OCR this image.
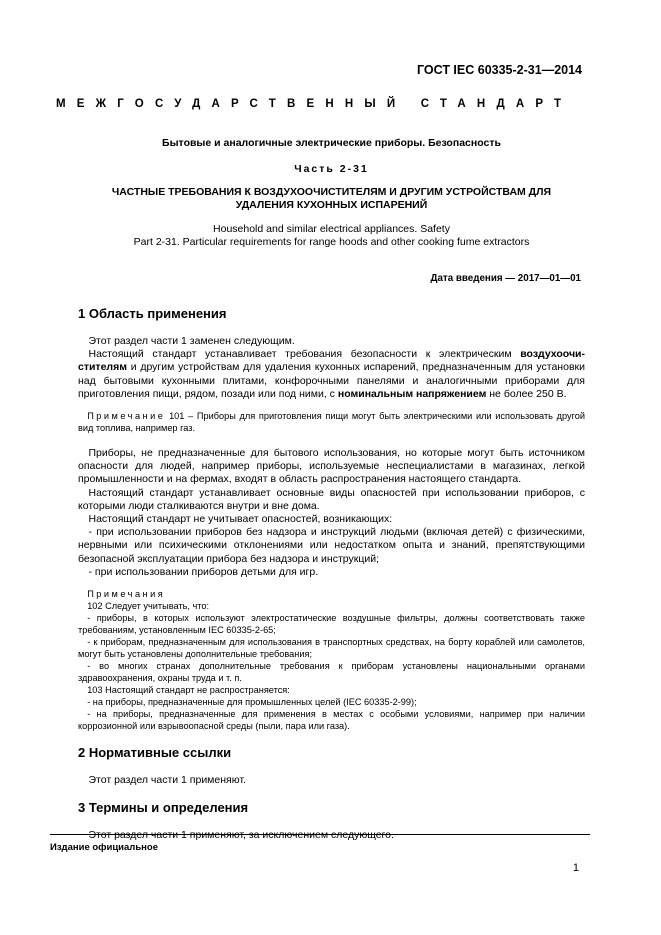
ГОСТ IEC 60335-2-31—2014
МЕЖГОСУДАРСТВЕННЫЙ СТАНДАРТ
Бытовые и аналогичные электрические приборы. Безопасность
Часть 2-31
ЧАСТНЫЕ ТРЕБОВАНИЯ К ВОЗДУХООЧИСТИТЕЛЯМ И ДРУГИМ УСТРОЙСТВАМ ДЛЯ
УДАЛЕНИЯ КУХОННЫХ ИСПАРЕНИЙ
Household and similar electrical appliances. Safety
Part 2-31. Particular requirements for range hoods and other cooking fume extractors
Дата введения — 2017—01—01
1 Область применения

Этот раздел части 1 заменен следующим.

Настоящий стандарт устанавливает требования безопасности к электрическим воздухоочи-стителям и другим устройствам для удаления кухонных испарений, предназначенным для установки над бытовыми кухонными плитами, конфорочными панелями и аналогичными приборами для приготовления пищи, рядом, позади или под ними, с номинальным напряжением не более 250 В.

Примечание 101 – Приборы для приготовления пищи могут быть электрическими или использовать другой вид топлива, например газ.

Приборы, не предназначенные для бытового использования, но которые могут быть источником опасности для людей, например приборы, используемые неспециалистами в магазинах, легкой промышленности и на фермах, входят в область распространения настоящего стандарта.

Настоящий стандарт устанавливает основные виды опасностей при использовании приборов, с которыми люди сталкиваются внутри и вне дома.

Настоящий стандарт не учитывает опасностей, возникающих:

- при использовании приборов без надзора и инструкций людьми (включая детей) с физическими, нервными или психическими отклонениями или недостатком опыта и знаний, препятствующими безопасной эксплуатации прибора без надзора и инструкций;

- при использовании приборов детьми для игр.

Примечания

102 Следует учитывать, что:

- приборы, в которых используют электростатические воздушные фильтры, должны соответствовать также требованиям, установленным IEC 60335-2-65;

- к приборам, предназначенным для использования в транспортных средствах, на борту кораблей или самолетов, могут быть установлены дополнительные требования;

- во многих странах дополнительные требования к приборам установлены национальными органами здравоохранения, охраны труда и т. п.

103 Настоящий стандарт не распространяется:

- на приборы, предназначенные для промышленных целей (IEC 60335-2-99);

- на приборы, предназначенные для применения в местах с особыми условиями, например при наличии коррозионной или взрывоопасной среды (пыли, пара или газа).

2 Нормативные ссылки

Этот раздел части 1 применяют.

3 Термины и определения

Этот раздел части 1 применяют, за исключением следующего.

Издание официальное
1
